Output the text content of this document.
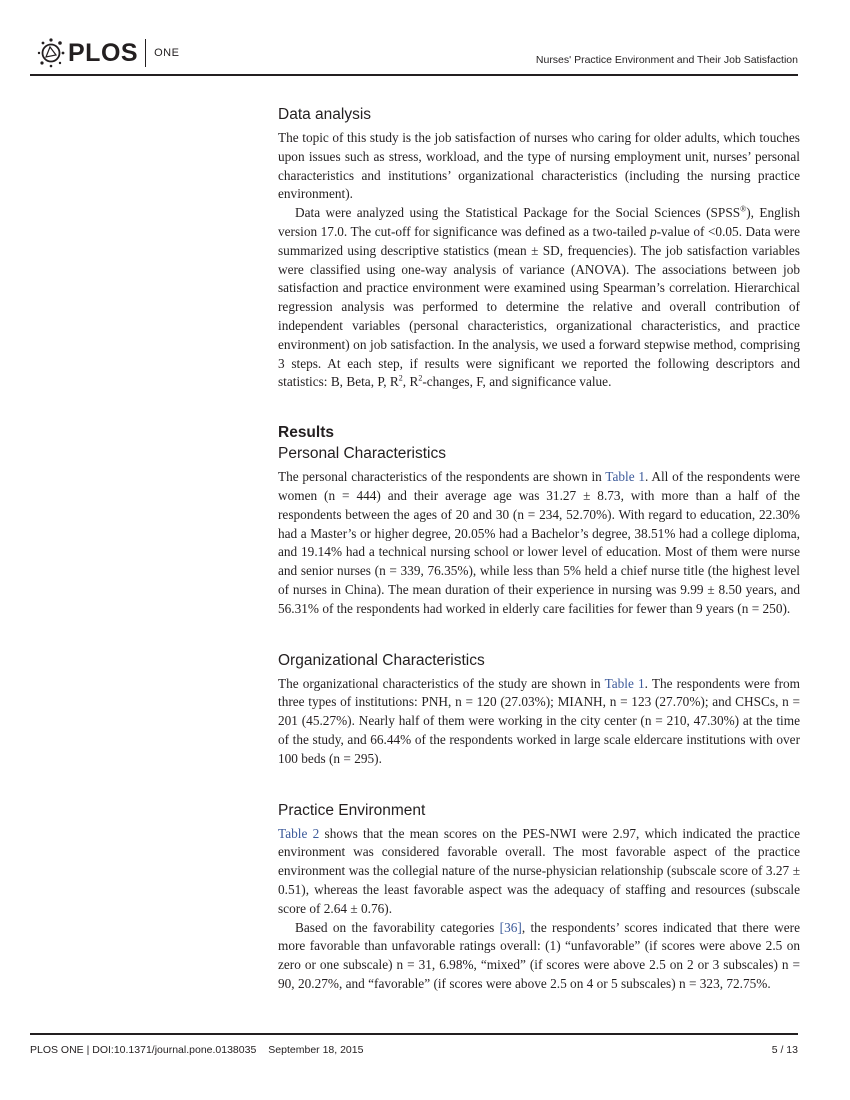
PLOS ONE
Nurses' Practice Environment and Their Job Satisfaction
Data analysis

The topic of this study is the job satisfaction of nurses who caring for older adults, which touches upon issues such as stress, workload, and the type of nursing employment unit, nurses’ personal characteristics and institutions’ organizational characteristics (including the nursing practice environment).

Data were analyzed using the Statistical Package for the Social Sciences (SPSS®), English version 17.0. The cut-off for significance was defined as a two-tailed p-value of <0.05. Data were summarized using descriptive statistics (mean ± SD, frequencies). The job satisfaction variables were classified using one-way analysis of variance (ANOVA). The associations between job satisfaction and practice environment were examined using Spearman’s correlation. Hierarchical regression analysis was performed to determine the relative and overall contribution of independent variables (personal characteristics, organizational characteristics, and practice environment) on job satisfaction. In the analysis, we used a forward stepwise method, comprising 3 steps. At each step, if results were significant we reported the following descriptors and statistics: B, Beta, P, $R^2$, $R^2$-changes, F, and significance value.

Results
Personal Characteristics

The personal characteristics of the respondents are shown in Table 1. All of the respondents were women (n = 444) and their average age was 31.27 ± 8.73, with more than a half of the respondents between the ages of 20 and 30 (n = 234, 52.70%). With regard to education, 22.30% had a Master’s or higher degree, 20.05% had a Bachelor’s degree, 38.51% had a college diploma, and 19.14% had a technical nursing school or lower level of education. Most of them were nurse and senior nurses (n = 339, 76.35%), while less than 5% held a chief nurse title (the highest level of nurses in China). The mean duration of their experience in nursing was 9.99 ± 8.50 years, and 56.31% of the respondents had worked in elderly care facilities for fewer than 9 years (n = 250).

Organizational Characteristics

The organizational characteristics of the study are shown in Table 1. The respondents were from three types of institutions: PNH, n = 120 (27.03%); MIANH, n = 123 (27.70%); and CHSCs, n = 201 (45.27%). Nearly half of them were working in the city center (n = 210, 47.30%) at the time of the study, and 66.44% of the respondents worked in large scale eldercare institutions with over 100 beds (n = 295).

Practice Environment

Table 2 shows that the mean scores on the PES-NWI were 2.97, which indicated the practice environment was considered favorable overall. The most favorable aspect of the practice environment was the collegial nature of the nurse-physician relationship (subscale score of 3.27 ± 0.51), whereas the least favorable aspect was the adequacy of staffing and resources (subscale score of 2.64 ± 0.76).

Based on the favorability categories [36], the respondents’ scores indicated that there were more favorable than unfavorable ratings overall: (1) “unfavorable” (if scores were above 2.5 on zero or one subscale) n = 31, 6.98%, “mixed” (if scores were above 2.5 on 2 or 3 subscales) n = 90, 20.27%, and “favorable” (if scores were above 2.5 on 4 or 5 subscales) n = 323, 72.75%.

PLOS ONE | DOI:10.1371/journal.pone.0138035 September 18, 2015	5 / 13
